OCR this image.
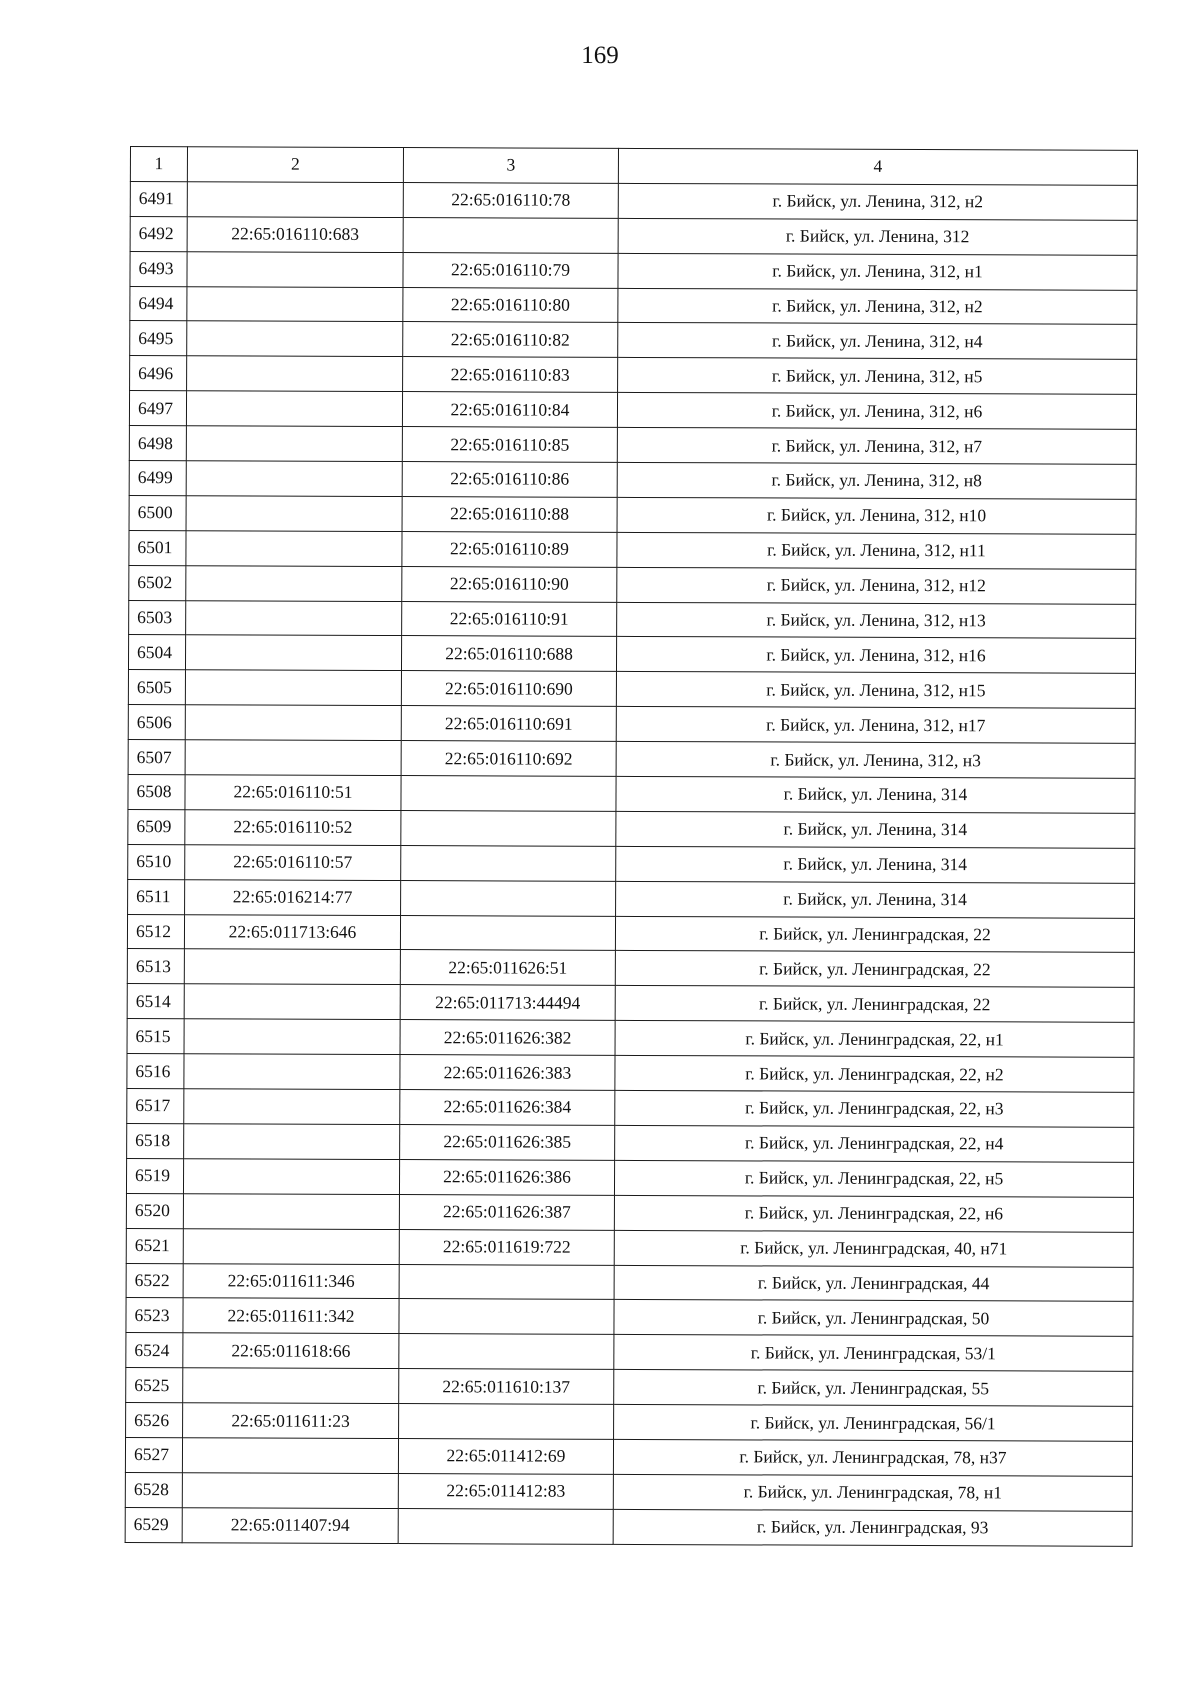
169
1	2	3	4
6491		22:65:016110:78	г. Бийск, ул. Ленина, 312, н2
6492	22:65:016110:683		г. Бийск, ул. Ленина, 312
6493		22:65:016110:79	г. Бийск, ул. Ленина, 312, н1
6494		22:65:016110:80	г. Бийск, ул. Ленина, 312, н2
6495		22:65:016110:82	г. Бийск, ул. Ленина, 312, н4
6496		22:65:016110:83	г. Бийск, ул. Ленина, 312, н5
6497		22:65:016110:84	г. Бийск, ул. Ленина, 312, н6
6498		22:65:016110:85	г. Бийск, ул. Ленина, 312, н7
6499		22:65:016110:86	г. Бийск, ул. Ленина, 312, н8
6500		22:65:016110:88	г. Бийск, ул. Ленина, 312, н10
6501		22:65:016110:89	г. Бийск, ул. Ленина, 312, н11
6502		22:65:016110:90	г. Бийск, ул. Ленина, 312, н12
6503		22:65:016110:91	г. Бийск, ул. Ленина, 312, н13
6504		22:65:016110:688	г. Бийск, ул. Ленина, 312, н16
6505		22:65:016110:690	г. Бийск, ул. Ленина, 312, н15
6506		22:65:016110:691	г. Бийск, ул. Ленина, 312, н17
6507		22:65:016110:692	г. Бийск, ул. Ленина, 312, н3
6508	22:65:016110:51		г. Бийск, ул. Ленина, 314
6509	22:65:016110:52		г. Бийск, ул. Ленина, 314
6510	22:65:016110:57		г. Бийск, ул. Ленина, 314
6511	22:65:016214:77		г. Бийск, ул. Ленина, 314
6512	22:65:011713:646		г. Бийск, ул. Ленинградская, 22
6513		22:65:011626:51	г. Бийск, ул. Ленинградская, 22
6514		22:65:011713:44494	г. Бийск, ул. Ленинградская, 22
6515		22:65:011626:382	г. Бийск, ул. Ленинградская, 22, н1
6516		22:65:011626:383	г. Бийск, ул. Ленинградская, 22, н2
6517		22:65:011626:384	г. Бийск, ул. Ленинградская, 22, н3
6518		22:65:011626:385	г. Бийск, ул. Ленинградская, 22, н4
6519		22:65:011626:386	г. Бийск, ул. Ленинградская, 22, н5
6520		22:65:011626:387	г. Бийск, ул. Ленинградская, 22, н6
6521		22:65:011619:722	г. Бийск, ул. Ленинградская, 40, н71
6522	22:65:011611:346		г. Бийск, ул. Ленинградская, 44
6523	22:65:011611:342		г. Бийск, ул. Ленинградская, 50
6524	22:65:011618:66		г. Бийск, ул. Ленинградская, 53/1
6525		22:65:011610:137	г. Бийск, ул. Ленинградская, 55
6526	22:65:011611:23		г. Бийск, ул. Ленинградская, 56/1
6527		22:65:011412:69	г. Бийск, ул. Ленинградская, 78, н37
6528		22:65:011412:83	г. Бийск, ул. Ленинградская, 78, н1
6529	22:65:011407:94		г. Бийск, ул. Ленинградская, 93
